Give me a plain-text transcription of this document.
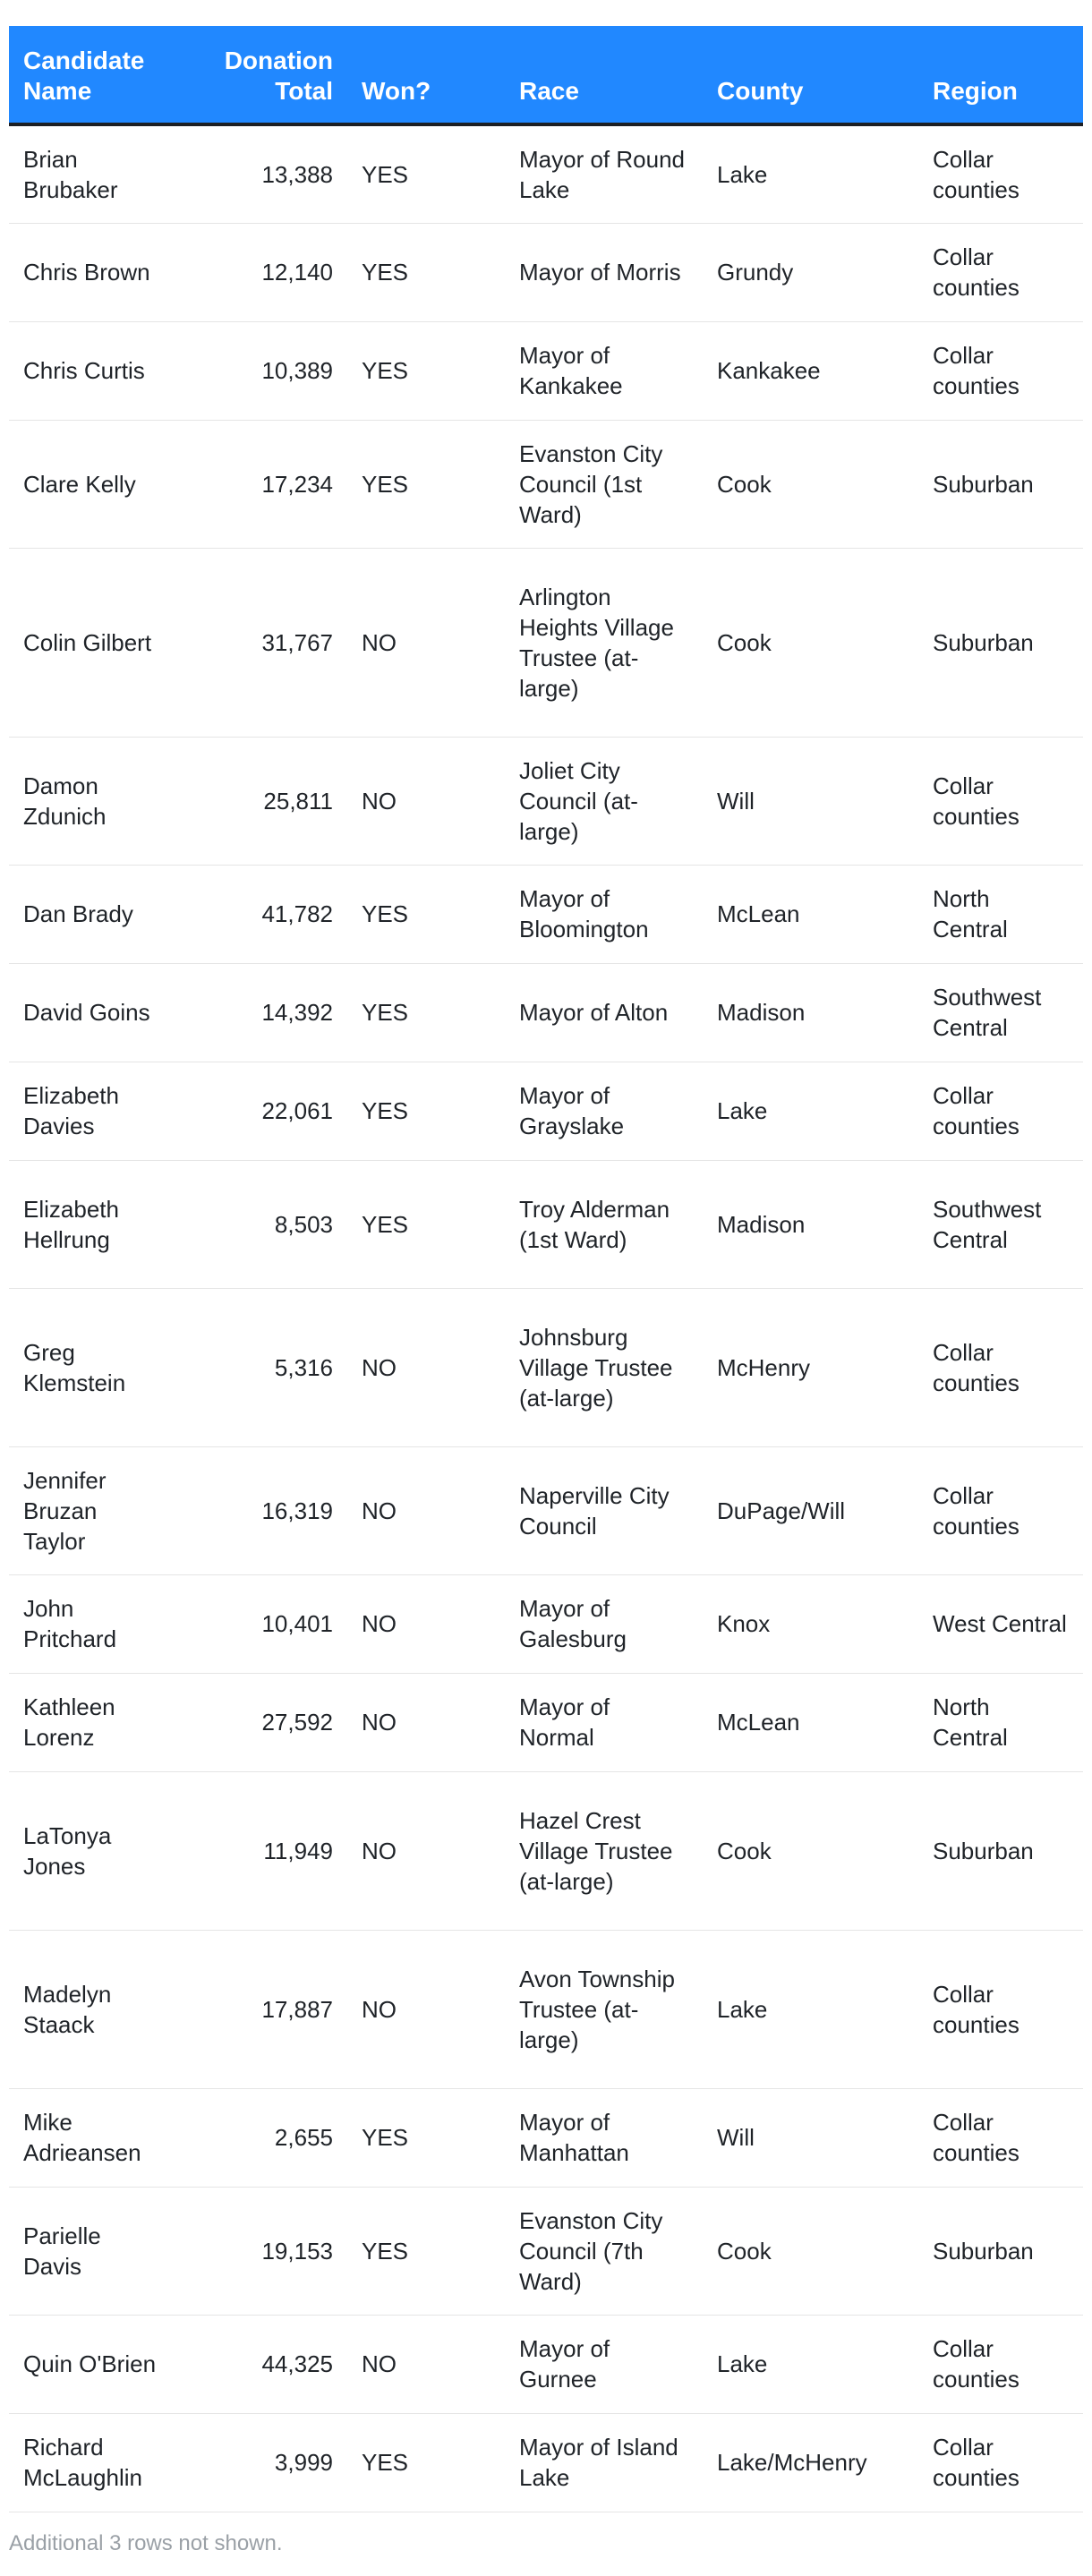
Candidate Name	Donation Total	Won?	Race	County	Region
Brian Brubaker	13,388	YES	Mayor of Round Lake	Lake	Collar counties
Chris Brown	12,140	YES	Mayor of Morris	Grundy	Collar counties
Chris Curtis	10,389	YES	Mayor of Kankakee	Kankakee	Collar counties
Clare Kelly	17,234	YES	Evanston City Council (1st Ward)	Cook	Suburban
Colin Gilbert	31,767	NO	Arlington Heights Village Trustee (at-large)	Cook	Suburban
Damon Zdunich	25,811	NO	Joliet City Council (at-large)	Will	Collar counties
Dan Brady	41,782	YES	Mayor of Bloomington	McLean	North Central
David Goins	14,392	YES	Mayor of Alton	Madison	Southwest Central
Elizabeth Davies	22,061	YES	Mayor of Grayslake	Lake	Collar counties
Elizabeth Hellrung	8,503	YES	Troy Alderman (1st Ward)	Madison	Southwest Central
Greg Klemstein	5,316	NO	Johnsburg Village Trustee (at-large)	McHenry	Collar counties
Jennifer Bruzan Taylor	16,319	NO	Naperville City Council	DuPage/Will	Collar counties
John Pritchard	10,401	NO	Mayor of Galesburg	Knox	West Central
Kathleen Lorenz	27,592	NO	Mayor of Normal	McLean	North Central
LaTonya Jones	11,949	NO	Hazel Crest Village Trustee (at-large)	Cook	Suburban
Madelyn Staack	17,887	NO	Avon Township Trustee (at-large)	Lake	Collar counties
Mike Adrieansen	2,655	YES	Mayor of Manhattan	Will	Collar counties
Parielle Davis	19,153	YES	Evanston City Council (7th Ward)	Cook	Suburban
Quin O'Brien	44,325	NO	Mayor of Gurnee	Lake	Collar counties
Richard McLaughlin	3,999	YES	Mayor of Island Lake	Lake/McHenry	Collar counties
Additional 3 rows not shown.
